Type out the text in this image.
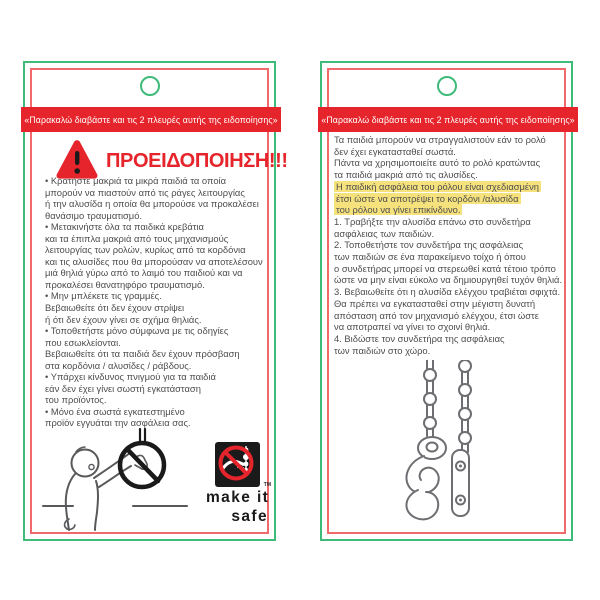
«Παρακαλώ διαβάστε και τις 2 πλευρές αυτής της ειδοποίησης»
ΠΡΟΕΙΔΟΠΟΙΗΣΗ!!!
• Κρατήστε μακριά τα μικρά παιδιά τα οποία
μπορούν να πιαστούν από τις ράγες λειτουργίας
ή την αλυσίδα η οποία θα μπορούσε να προκαλέσει
θανάσιμο τραυματισμό.
• Μετακινήστε όλα τα παιδικά κρεβάτια
και τα έπιπλα μακριά από τους μηχανισμούς
λειτουργίας των ρολών, κυρίως από τα κορδόνια
και τις αλυσίδες που θα μπορούσαν να αποτελέσουν
μιά θηλιά γύρω από το λαιμό του παιδιού και να
προκαλέσει θανατηφόρο τραυματισμό.
• Μην μπλέκετε τις γραμμές.
Βεβαιωθείτε ότι δεν έχουν στρίψει
ή ότι δεν έχουν γίνει σε σχήμα θηλιάς.
• Τοποθετήστε μόνο σύμφωνα με τις οδηγίες
που εσωκλείονται.
Βεβαιωθείτε ότι τα παιδιά δεν έχουν πρόσβαση
στα κορδόνια / αλυσίδες / ράβδους.
• Υπάρχει κίνδυνος πνιγμού για τα παιδιά
εάν δεν έχει γίνει σωστή εγκατάσταση
του προϊόντος.
• Μόνο ένα σωστά εγκατεστημένο
προϊόν εγγυάται την ασφάλεια σας.
make it
safe
TM
«Παρακαλώ διαβάστε και τις 2 πλευρές αυτής της ειδοποίησης»
Τα παιδιά μπορούν να στραγγαλιστούν εάν το ρολό
δεν έχει εγκατασταθεί σωστά.
Πάντα να χρησιμοποιείτε αυτό το ρολό κρατώντας
τα παιδιά μακριά από τις αλυσίδες.
Η παιδική ασφάλεια του ρόλου είναι σχεδιασμένη
έτσι ώστε να αποτρέψει το κορδόνι /αλυσίδα
του ρόλου να γίνει επικίνδυνο.
1. Τραβήξτε την αλυσίδα επάνω στο συνδετήρα
ασφάλειας των παιδιών.
2. Τοποθετήστε τον συνδετήρα της ασφάλειας
των παιδιών σε ένα παρακείμενο τοίχο ή όπου
ο συνδετήρας μπορεί να στερεωθεί κατά τέτοιο τρόπο
ώστε να μην είναι εύκολο να δημιουργηθεί τυχόν θηλιά.
3. Βεβαιωθείτε ότι η αλυσίδα ελέγχου τραβιέται σφιχτά.
Θα πρέπει να εγκατασταθεί στην μέγιστη δυνατή
απόσταση από τον μηχανισμό ελέγχου, έτσι ώστε
να αποτραπεί να γίνει το σχοινί θηλιά.
4. Βιδώστε τον συνδετήρα της ασφάλειας
των παιδιών στο χώρο.
